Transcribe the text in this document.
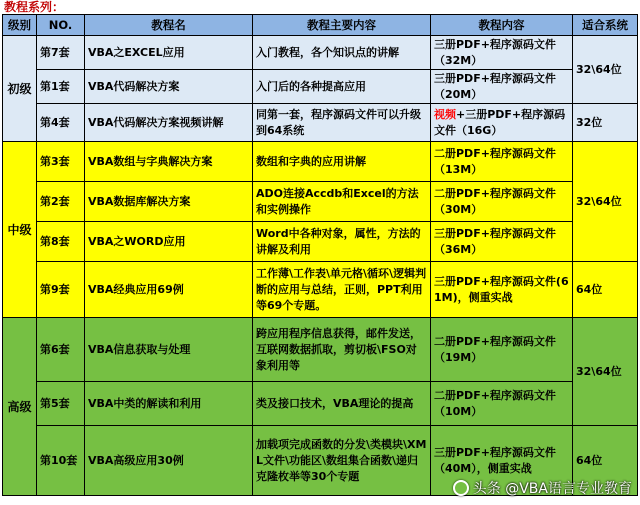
教程系列：
级别	NO.	教程名	教程主要内容	教程内容	适合系统
初级	第7套	VBA之EXCEL应用	入门教程，各个知识点的讲解	三册PDF+程序源码文件（32M）	32\64位
	第1套	VBA代码解决方案	入门后的各种提高应用	三册PDF+程序源码文件（20M）	
	第4套	VBA代码解决方案视频讲解	同第一套，程序源码文件可以升级到64系统	视频+三册PDF+程序源码文件（16G）	32位
中级	第3套	VBA数组与字典解决方案	数组和字典的应用讲解	二册PDF+程序源码文件（13M）	32\64位
	第2套	VBA数据库解决方案	ADO连接Accdb和Excel的方法和实例操作	二册PDF+程序源码文件（30M）	
	第8套	VBA之WORD应用	Word中各种对象，属性，方法的讲解及利用	三册PDF+程序源码文件（36M）	
	第9套	VBA经典应用69例	工作薄\工作表\单元格\循环\逻辑判断的应用与总结，正则，PPT利用等69个专题。	三册PDF+程序源码文件(61M)，侧重实战	64位
高级	第6套	VBA信息获取与处理	跨应用程序信息获得，邮件发送，互联网数据抓取，剪切板\FSO对象利用等	二册PDF+程序源码文件（19M）	32\64位
	第5套	VBA中类的解读和利用	类及接口技术，VBA理论的提高	二册PDF+程序源码文件（10M）	
	第10套	VBA高级应用30例	加载项完成函数的分发\类模块\XML文件\功能区\数组集合函数\递归克隆枚举等30个专题	三册PDF+程序源码文件（40M），侧重实战	64位
头条 @VBA语言专业教育
